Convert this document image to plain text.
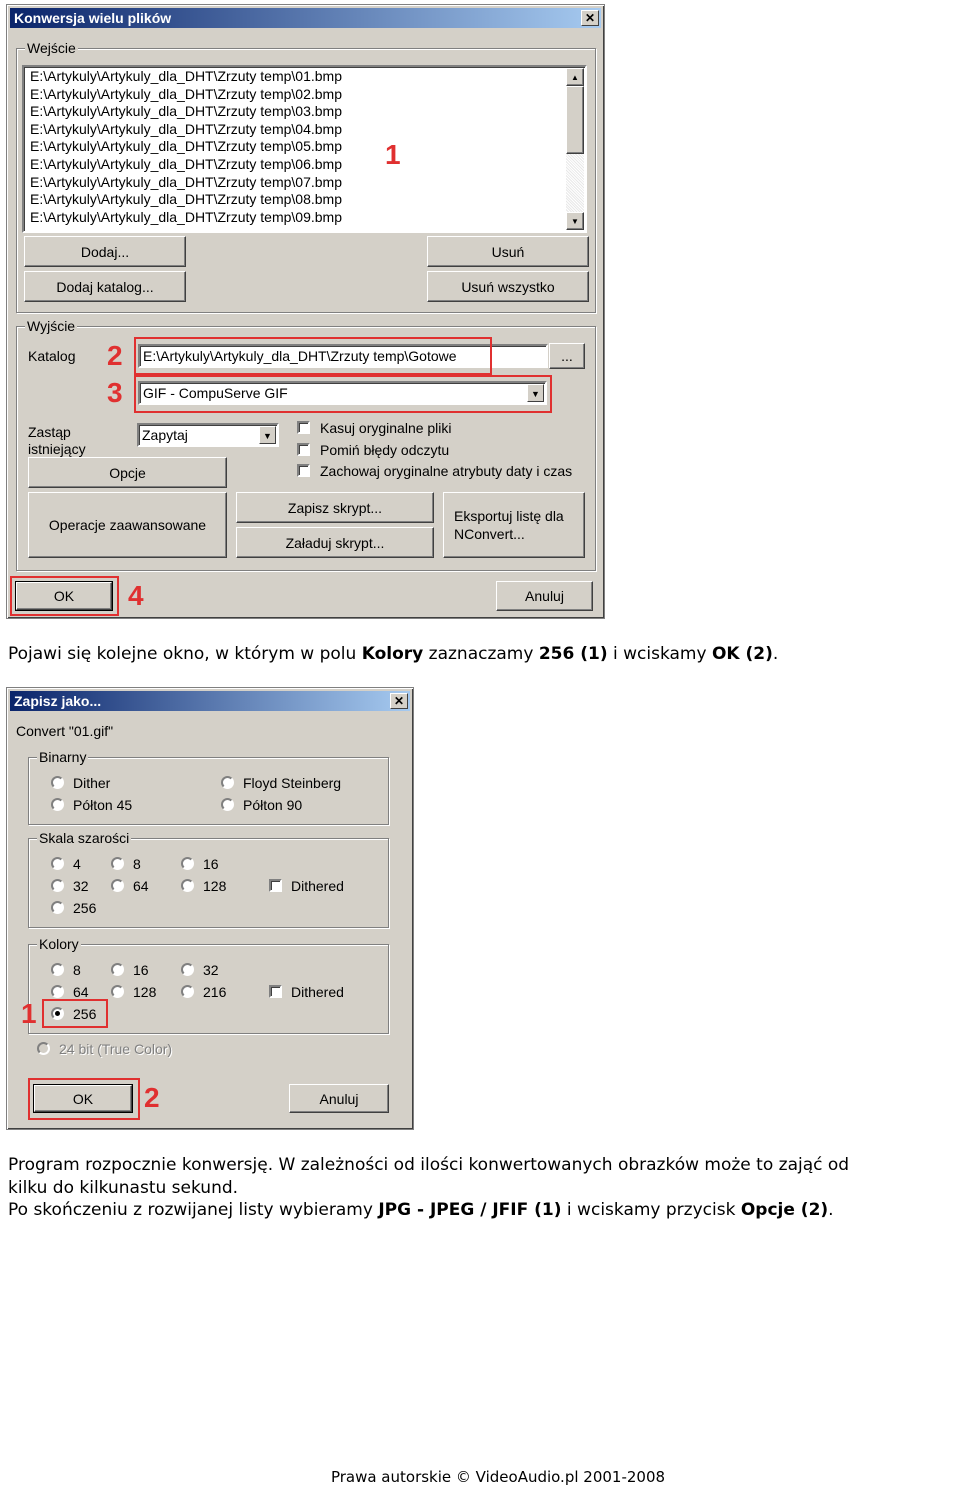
Konwersja wielu plików	✕
Wejście
E:\Artykuly\Artykuly_dla_DHT\Zrzuty temp\01.bmp
E:\Artykuly\Artykuly_dla_DHT\Zrzuty temp\02.bmp
E:\Artykuly\Artykuly_dla_DHT\Zrzuty temp\03.bmp
E:\Artykuly\Artykuly_dla_DHT\Zrzuty temp\04.bmp
E:\Artykuly\Artykuly_dla_DHT\Zrzuty temp\05.bmp
E:\Artykuly\Artykuly_dla_DHT\Zrzuty temp\06.bmp
E:\Artykuly\Artykuly_dla_DHT\Zrzuty temp\07.bmp
E:\Artykuly\Artykuly_dla_DHT\Zrzuty temp\08.bmp
E:\Artykuly\Artykuly_dla_DHT\Zrzuty temp\09.bmp
▲
▼
1
Dodaj...
Dodaj katalog...
Usuń
Usuń wszystko
Wyjście
Katalog 2	E:\Artykuly\Artykuly_dla_DHT\Zrzuty temp\Gotowe	...
3	GIF - CompuServe GIF	▼
Zastąp
istniejący
Zapytaj	▼	Kasuj oryginalne pliki
Pomiń błędy odczytu
Zachowaj oryginalne atrybuty daty i czas
Opcje
Operacje zaawansowane
Zapisz skrypt...
Załaduj skrypt...
Eksportuj listę dla
NConvert...
OK	4	Anuluj
Pojawi się kolejne okno, w którym w polu Kolory zaznaczamy 256 (1) i wciskamy OK (2).
Zapisz jako...	✕
Convert "01.gif"
Binarny
Dither	Floyd Steinberg
Półton 45	Półton 90
Skala szarości
4	8	16
32	64	128	Dithered
256
Kolory
8	16	32
64	128	216	Dithered
256
1
24 bit (True Color)
OK	2	Anuluj
Program rozpocznie konwersję. W zależności od ilości konwertowanych obrazków może to zająć od
kilku do kilkunastu sekund.
Po skończeniu z rozwijanej listy wybieramy JPG - JPEG / JFIF (1) i wciskamy przycisk Opcje (2).
Prawa autorskie © VideoAudio.pl 2001-2008
